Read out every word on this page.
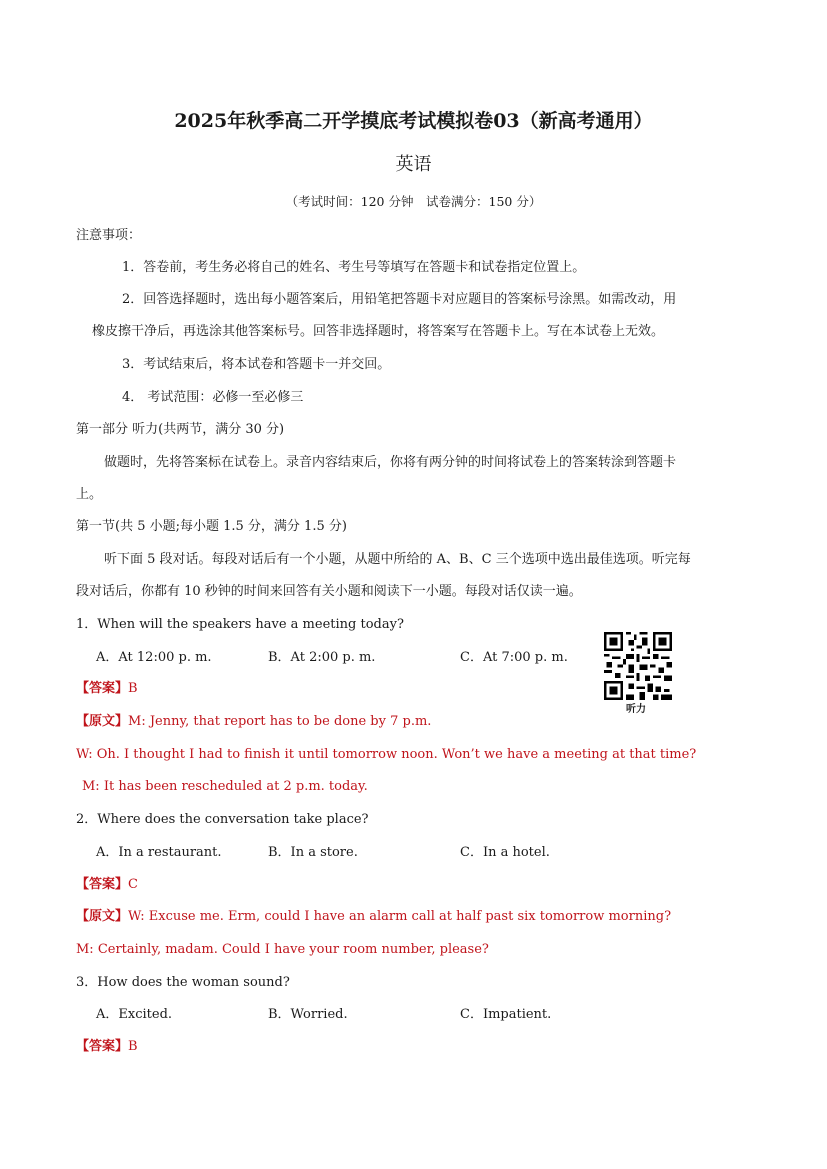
2025年秋季高二开学摸底考试模拟卷03（新高考通用）
英语
（考试时间：120 分钟　试卷满分：150 分）
注意事项：
1．答卷前，考生务必将自己的姓名、考生号等填写在答题卡和试卷指定位置上。
2．回答选择题时，选出每小题答案后，用铅笔把答题卡对应题目的答案标号涂黑。如需改动，用
橡皮擦干净后，再选涂其他答案标号。回答非选择题时，将答案写在答题卡上。写在本试卷上无效。
3．考试结束后，将本试卷和答题卡一并交回。
4． 考试范围：必修一至必修三
第一部分 听力(共两节，满分 30 分)
做题时，先将答案标在试卷上。录音内容结束后，你将有两分钟的时间将试卷上的答案转涂到答题卡
上。
第一节(共 5 小题;每小题 1.5 分，满分 1.5 分)
听下面 5 段对话。每段对话后有一个小题，从题中所给的 A、B、C 三个选项中选出最佳选项。听完每
段对话后，你都有 10 秒钟的时间来回答有关小题和阅读下一小题。每段对话仅读一遍。
1．When will the speakers have a meeting today?
A．At 12:00 p. m.	B．At 2:00 p. m.	C．At 7:00 p. m.
【答案】B
【原文】M: Jenny, that report has to be done by 7 p.m.
W: Oh. I thought I had to finish it until tomorrow noon. Won’t we have a meeting at that time?
M: It has been rescheduled at 2 p.m. today.
听力
2．Where does the conversation take place?
A．In a restaurant.	B．In a store.	C．In a hotel.
【答案】C
【原文】W: Excuse me. Erm, could I have an alarm call at half past six tomorrow morning?
M: Certainly, madam. Could I have your room number, please?
3．How does the woman sound?
A．Excited.	B．Worried.	C．Impatient.
【答案】B
